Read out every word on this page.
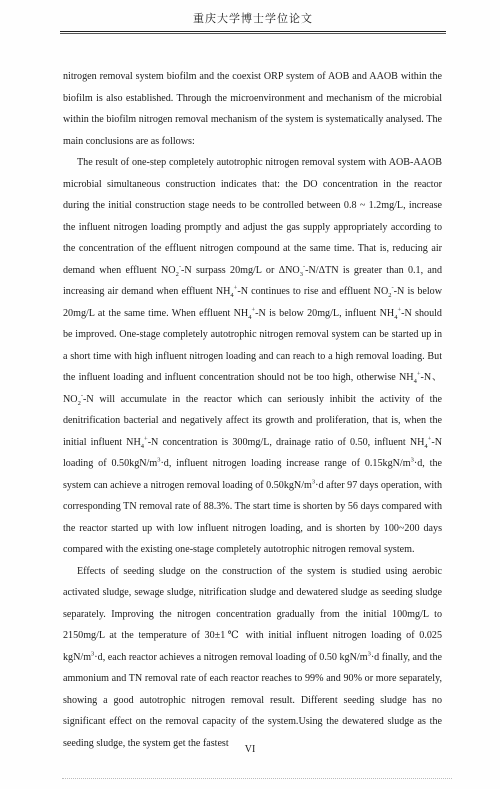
重庆大学博士学位论文

nitrogen removal system biofilm and the coexist ORP system of AOB and AAOB within the biofilm is also established. Through the microenvironment and mechanism of the microbial within the biofilm nitrogen removal mechanism of the system is systematically analysed. The main conclusions are as follows:

The result of one-step completely autotrophic nitrogen removal system with AOB-AAOB microbial simultaneous construction indicates that: the DO concentration in the reactor during the initial construction stage needs to be controlled between 0.8 ~ 1.2mg/L, increase the influent nitrogen loading promptly and adjust the gas supply appropriately according to the concentration of the effluent nitrogen compound at the same time. That is, reducing air demand when effluent $NO_2^--N$ surpass 20mg/L or $\Delta NO_3^--N$/ΔTN is greater than 0.1, and increasing air demand when effluent $NH_4^+-N$ continues to rise and effluent $NO_2^--N$ is below 20mg/L at the same time. When effluent $NH_4^+-N$ is below 20mg/L, influent $NH_4^+-N$ should be improved. One-stage completely autotrophic nitrogen removal system can be started up in a short time with high influent nitrogen loading and can reach to a high removal loading. But the influent loading and influent concentration should not be too high, otherwise $NH_4^+-N$、$NO_2^--N$ will accumulate in the reactor which can seriously inhibit the activity of the denitrification bacterial and negatively affect its growth and proliferation, that is, when the initial influent $NH_4^+-N$ concentration is 300mg/L, drainage ratio of 0.50, influent $NH_4^+-N$ loading of $0.50kgN/m^3\cdot d$, influent nitrogen loading increase range of $0.15kgN/m^3\cdot d$, the system can achieve a nitrogen removal loading of $0.50kgN/m^3\cdot d$ after 97 days operation, with corresponding TN removal rate of 88.3%. The start time is shorten by 56 days compared with the reactor started up with low influent nitrogen loading, and is shorten by 100~200 days compared with the existing one-stage completely autotrophic nitrogen removal system.

Effects of seeding sludge on the construction of the system is studied using aerobic activated sludge, sewage sludge, nitrification sludge and dewatered sludge as seeding sludge separately. Improving the nitrogen concentration gradually from the initial 100mg/L to 2150mg/L at the temperature of 30±1℃ with initial influent nitrogen loading of 0.025 kgN/$m^3\cdot d$, each reactor achieves a nitrogen removal loading of 0.50 kgN/$m^3\cdot d$ finally, and the ammonium and TN removal rate of each reactor reaches to 99% and 90% or more separately, showing a good autotrophic nitrogen removal result. Different seeding sludge has no significant effect on the removal capacity of the system.Using the dewatered sludge as the seeding sludge, the system get the fastest

VI
